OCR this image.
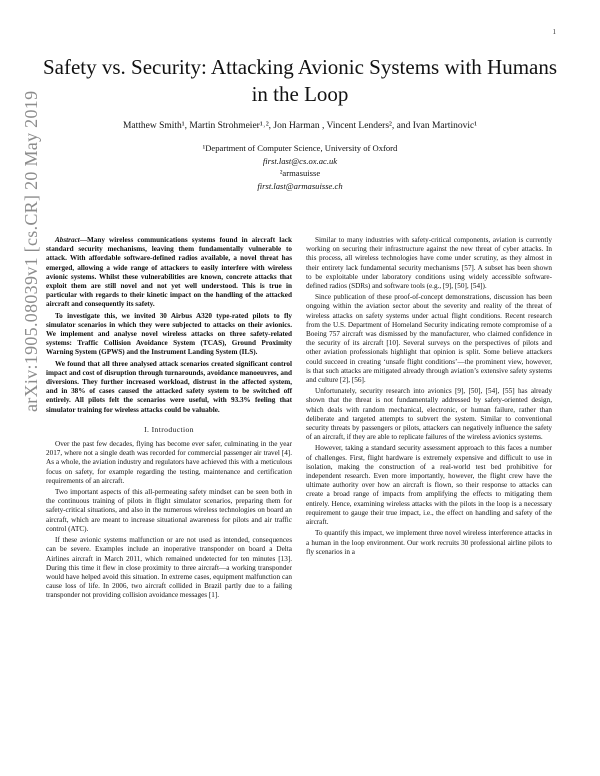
1
arXiv:1905.08039v1 [cs.CR] 20 May 2019
Safety vs. Security: Attacking Avionic Systems with Humans in the Loop
Matthew Smith¹, Martin Strohmeier¹˒², Jon Harman , Vincent Lenders², and Ivan Martinovic¹
¹Department of Computer Science, University of Oxford
first.last@cs.ox.ac.uk
²armasuisse
first.last@armasuisse.ch

Abstract—Many wireless communications systems found in aircraft lack standard security mechanisms, leaving them fundamentally vulnerable to attack. With affordable software-defined radios available, a novel threat has emerged, allowing a wide range of attackers to easily interfere with wireless avionic systems. Whilst these vulnerabilities are known, concrete attacks that exploit them are still novel and not yet well understood. This is true in particular with regards to their kinetic impact on the handling of the attacked aircraft and consequently its safety.

To investigate this, we invited 30 Airbus A320 type-rated pilots to fly simulator scenarios in which they were subjected to attacks on their avionics. We implement and analyse novel wireless attacks on three safety-related systems: Traffic Collision Avoidance System (TCAS), Ground Proximity Warning System (GPWS) and the Instrument Landing System (ILS).

We found that all three analysed attack scenarios created significant control impact and cost of disruption through turnarounds, avoidance manoeuvres, and diversions. They further increased workload, distrust in the affected system, and in 38% of cases caused the attacked safety system to be switched off entirely. All pilots felt the scenarios were useful, with 93.3% feeling that simulator training for wireless attacks could be valuable.

I. Introduction

Over the past few decades, flying has become ever safer, culminating in the year 2017, where not a single death was recorded for commercial passenger air travel [4]. As a whole, the aviation industry and regulators have achieved this with a meticulous focus on safety, for example regarding the testing, maintenance and certification requirements of an aircraft.

Two important aspects of this all-permeating safety mindset can be seen both in the continuous training of pilots in flight simulator scenarios, preparing them for safety-critical situations, and also in the numerous wireless technologies on board an aircraft, which are meant to increase situational awareness for pilots and air traffic control (ATC).

If these avionic systems malfunction or are not used as intended, consequences can be severe. Examples include an inoperative transponder on board a Delta Airlines aircraft in March 2011, which remained undetected for ten minutes [13]. During this time it flew in close proximity to three aircraft—a working transponder would have helped avoid this situation. In extreme cases, equipment malfunction can cause loss of life. In 2006, two aircraft collided in Brazil partly due to a failing transponder not providing collision avoidance messages [1].

Similar to many industries with safety-critical components, aviation is currently working on securing their infrastructure against the new threat of cyber attacks. In this process, all wireless technologies have come under scrutiny, as they almost in their entirety lack fundamental security mechanisms [57]. A subset has been shown to be exploitable under laboratory conditions using widely accessible software-defined radios (SDRs) and software tools (e.g., [9], [50], [54]).

Since publication of these proof-of-concept demonstrations, discussion has been ongoing within the aviation sector about the severity and reality of the threat of wireless attacks on safety systems under actual flight conditions. Recent research from the U.S. Department of Homeland Security indicating remote compromise of a Boeing 757 aircraft was dismissed by the manufacturer, who claimed confidence in the security of its aircraft [10]. Several surveys on the perspectives of pilots and other aviation professionals highlight that opinion is split. Some believe attackers could succeed in creating ‘unsafe flight conditions’—the prominent view, however, is that such attacks are mitigated already through aviation’s extensive safety systems and culture [2], [56].

Unfortunately, security research into avionics [9], [50], [54], [55] has already shown that the threat is not fundamentally addressed by safety-oriented design, which deals with random mechanical, electronic, or human failure, rather than deliberate and targeted attempts to subvert the system. Similar to conventional security threats by passengers or pilots, attackers can negatively influence the safety of an aircraft, if they are able to replicate failures of the wireless avionics systems.

However, taking a standard security assessment approach to this faces a number of challenges. First, flight hardware is extremely expensive and difficult to use in isolation, making the construction of a real-world test bed prohibitive for independent research. Even more importantly, however, the flight crew have the ultimate authority over how an aircraft is flown, so their response to attacks can create a broad range of impacts from amplifying the effects to mitigating them entirely. Hence, examining wireless attacks with the pilots in the loop is a necessary requirement to gauge their true impact, i.e., the effect on handling and safety of the aircraft.

To quantify this impact, we implement three novel wireless interference attacks in a human in the loop environment. Our work recruits 30 professional airline pilots to fly scenarios in a
